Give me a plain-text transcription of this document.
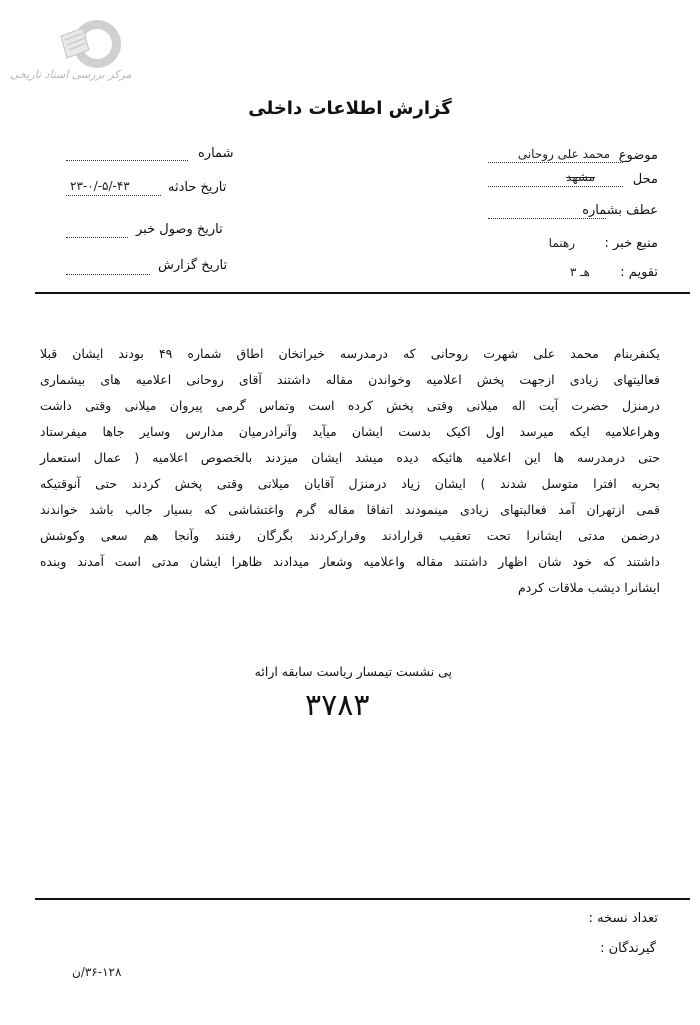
مرکز بررسی اسناد تاریخی
گزارش اطلاعات داخلی
موضوع
محمد علی روحانی
محل
مشهد
عطف بشماره
منبع خبر :
رهنما
تقویم :
هـ ۳
شماره
تاریخ حادثه
۲۳-۰/-۵/-۴۳
تاریخ وصول خبر
تاریخ گزارش
یکنفربنام محمد علی شهرت روحانی که درمدرسه خیراتخان اطاق شماره ۴۹ بودند ایشان قبلا
فعالیتهای زیادی ازجهت پخش اعلامیه وخواندن مقاله داشتند آقای روحانی اعلامیه های بیشماری
درمنزل حضرت آیت اله میلانی وقتی پخش کرده است وتماس گرمی پیروان میلانی وقتی داشت
وهراعلامیه ایکه میرسد اول اکیک بدست ایشان میآید وآنرادرمیان مدارس وسایر جاها میفرستاد
حتی درمدرسه ها این اعلامیه هائیکه دیده میشد ایشان میزدند بالخصوص اعلامیه ( عمال استعمار
بحربه افترا متوسل شدند ) ایشان زیاد درمنزل آقایان میلانی وقتی پخش کردند حتی آنوقتیکه
قمی ازتهران آمد فعالیتهای زیادی مینمودند اتفاقا مقاله گرم واغتشاشی که بسیار جالب باشد خواندند
درضمن مدتی ایشانرا تحت تعقیب قرارادند وفرارکردند بگرگان رفتند وآنجا هم سعی وکوشش
داشتند که خود شان اظهار داشتند مقاله واعلامیه وشعار میدادند ظاهرا ایشان مدتی است آمدند وبنده
ایشانرا دیشب ملاقات کردم
پی نشست تیمسار ریاست سابقه ارائه
۳۷۸۳
تعداد نسخه :
گیرندگان :
۳۶-۱۲۸/ن
